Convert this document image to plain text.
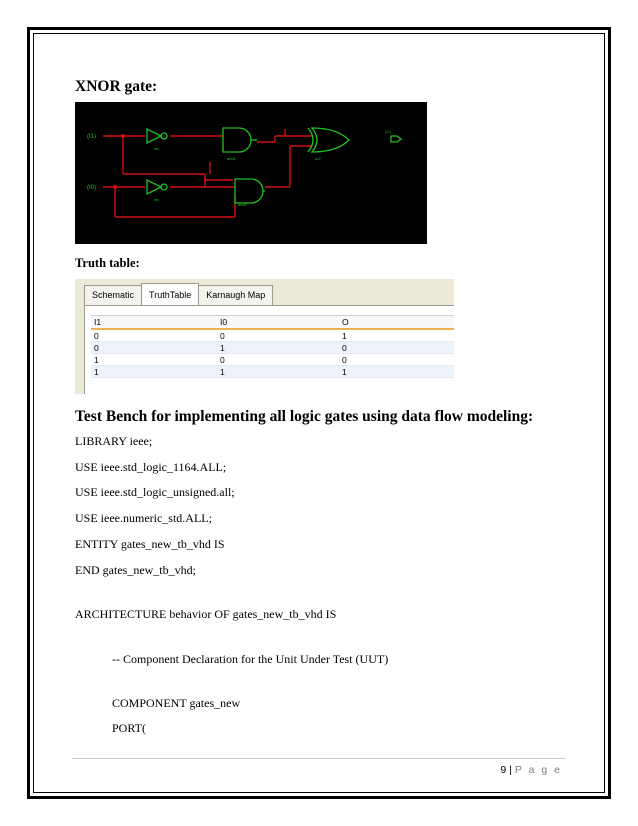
XNOR gate:
(I1)
(I0)
inv
inv
and2
and2
or2
(O)
Truth table:
Schematic	TruthTable	Karnaugh Map
I1	I0	O
0	0	1
0	1	0
1	0	0
1	1	1
Test Bench for implementing all logic gates using data flow modeling:
LIBRARY ieee;
USE ieee.std_logic_1164.ALL;
USE ieee.std_logic_unsigned.all;
USE ieee.numeric_std.ALL;
ENTITY gates_new_tb_vhd IS
END gates_new_tb_vhd;
ARCHITECTURE behavior OF gates_new_tb_vhd IS
-- Component Declaration for the Unit Under Test (UUT)
COMPONENT gates_new
PORT(
9 | P a g e
